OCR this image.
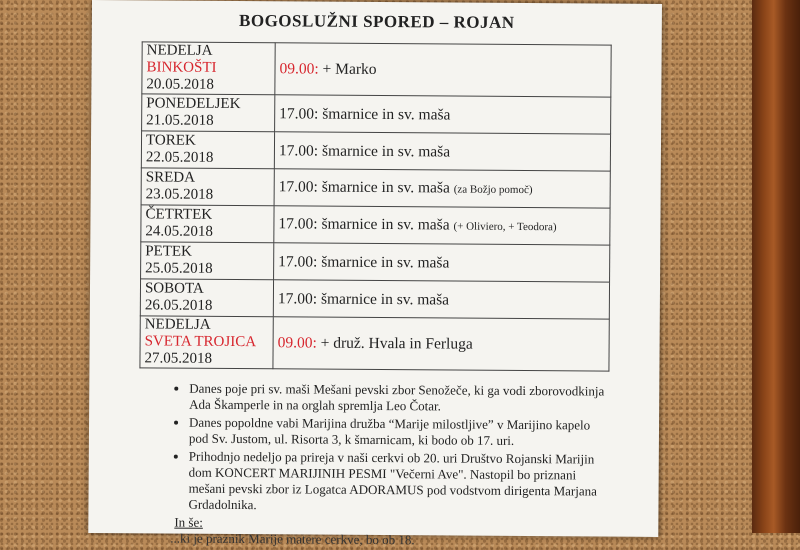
BOGOSLUŽNI SPORED – ROJAN
NEDELJA
BINKOŠTI
20.05.2018	09.00: + Marko

PONEDELJEK
21.05.2018	17.00: šmarnice in sv. maša

TOREK
22.05.2018	17.00: šmarnice in sv. maša

SREDA
23.05.2018	17.00: šmarnice in sv. maša (za Božjo pomoč)

ČETRTEK
24.05.2018	17.00: šmarnice in sv. maša (+ Oliviero, + Teodora)

PETEK
25.05.2018	17.00: šmarnice in sv. maša

SOBOTA
26.05.2018	17.00: šmarnice in sv. maša

NEDELJA
SVETA TROJICA
27.05.2018	09.00: + druž. Hvala in Ferluga
• Danes poje pri sv. maši Mešani pevski zbor Senožeče, ki ga vodi zborovodkinja Ada Škamperle in na orglah spremlja Leo Čotar.
• Danes popoldne vabi Marijina družba “Marije milostljive” v Marijino kapelo pod Sv. Justom, ul. Risorta 3, k šmarnicam, ki bodo ob 17. uri.
• Prihodnjo nedeljo pa prireja v naši cerkvi ob 20. uri Društvo Rojanski Marijin dom KONCERT MARIJINIH PESMI "Večerni Ave". Nastopil bo priznani mešani pevski zbor iz Logatca ADORAMUS pod vodstvom dirigenta Marjana Grdadolnika.
In še:
...ki je praznik Marije matere cerkve, bo ob 18.
